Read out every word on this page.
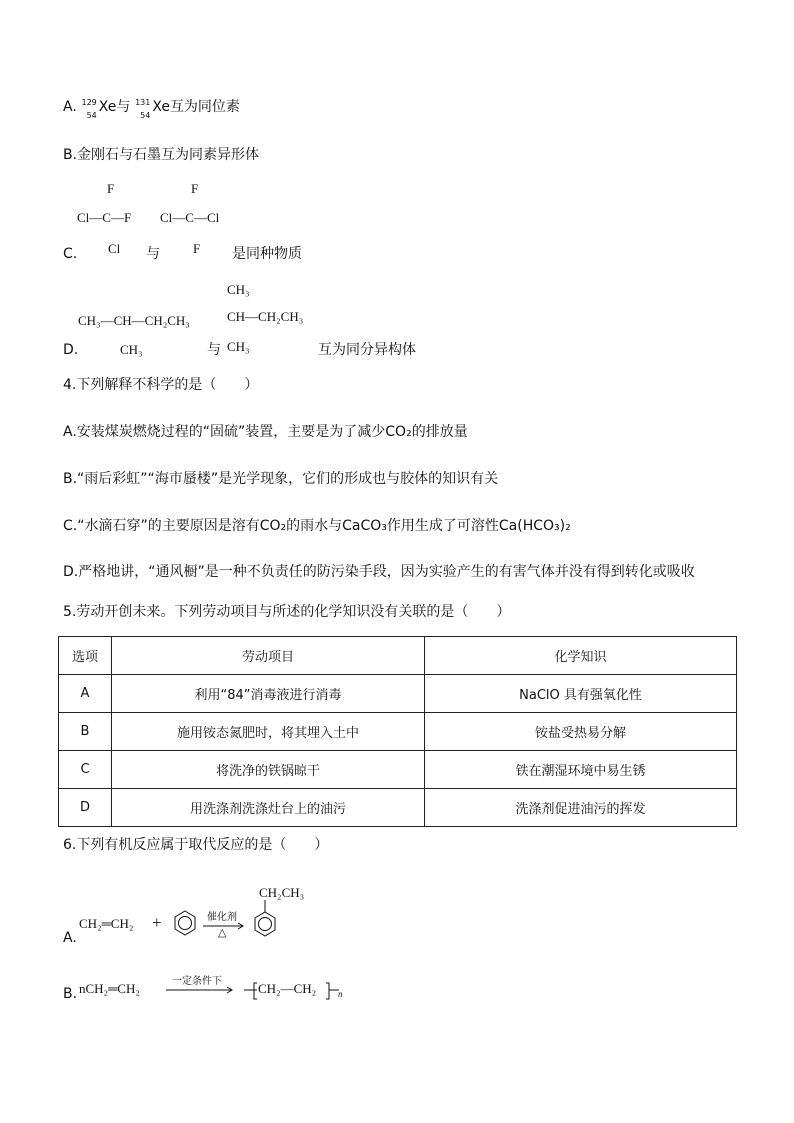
A. 129
54
Xe与 131
54
Xe互为同位素
B.金刚石与石墨互为同素异形体
F
Cl—C—F
Cl
F
Cl—C—Cl
F
C.	与	是同种物质
CH₃—CH—CH₂CH₃
CH₃
CH₃
CH—CH₂CH₃
CH₃
D.	与	互为同分异构体
4.下列解释不科学的是（　　）
A.安装煤炭燃烧过程的“固硫”装置，主要是为了减少CO₂的排放量
B.“雨后彩虹”“海市蜃楼”是光学现象，它们的形成也与胶体的知识有关
C.“水滴石穿”的主要原因是溶有CO₂的雨水与CaCO₃作用生成了可溶性Ca(HCO₃)₂
D.严格地讲，“通风橱”是一种不负责任的防污染手段，因为实验产生的有害气体并没有得到转化或吸收
5.劳动开创未来。下列劳动项目与所述的化学知识没有关联的是（　　）
选项	劳动项目	化学知识
A	利用“84”消毒液进行消毒	NaClO 具有强氧化性
B	施用铵态氮肥时，将其埋入土中	铵盐受热易分解
C	将洗净的铁锅晾干	铁在潮湿环境中易生锈
D	用洗涤剂洗涤灶台上的油污	洗涤剂促进油污的挥发
6.下列有机反应属于取代反应的是（　　）
A.
CH₂═CH₂ +	催化剂
△
CH₂CH₃
B. nCH₂═CH₂	一定条件下	CH₂—CH₂ n
